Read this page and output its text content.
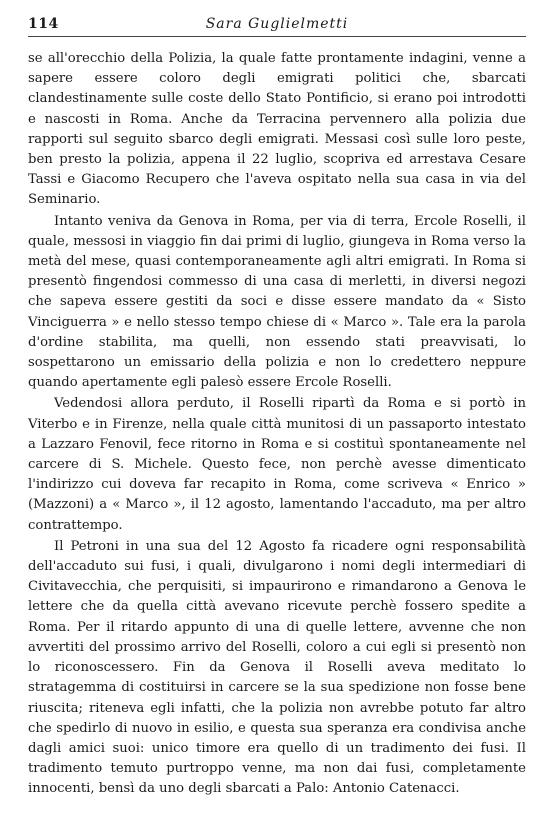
114	Sara Guglielmetti

se all'orecchio della Polizia, la quale fatte prontamente indagini, venne a sapere essere coloro degli emigrati politici che, sbarcati clandestinamente sulle coste dello Stato Pontificio, si erano poi introdotti e nascosti in Roma. Anche da Terracina pervennero alla polizia due rapporti sul seguito sbarco degli emigrati. Messasi così sulle loro peste, ben presto la polizia, appena il 22 luglio, scopriva ed arrestava Cesare Tassi e Giacomo Recupero che l'aveva ospitato nella sua casa in via del Seminario.

Intanto veniva da Genova in Roma, per via di terra, Ercole Roselli, il quale, messosi in viaggio fin dai primi di luglio, giungeva in Roma verso la metà del mese, quasi contemporaneamente agli altri emigrati. In Roma si presentò fingendosi commesso di una casa di merletti, in diversi negozi che sapeva essere gestiti da soci e disse essere mandato da « Sisto Vinciguerra » e nello stesso tempo chiese di « Marco ». Tale era la parola d'ordine stabilita, ma quelli, non essendo stati preavvisati, lo sospettarono un emissario della polizia e non lo credettero neppure quando apertamente egli palesò essere Ercole Roselli.

Vedendosi allora perduto, il Roselli ripartì da Roma e si portò in Viterbo e in Firenze, nella quale città munitosi di un passaporto intestato a Lazzaro Fenovil, fece ritorno in Roma e si costituì spontaneamente nel carcere di S. Michele. Questo fece, non perchè avesse dimenticato l'indirizzo cui doveva far recapito in Roma, come scriveva « Enrico » (Mazzoni) a « Marco », il 12 agosto, lamentando l'accaduto, ma per altro contrattempo.

Il Petroni in una sua del 12 Agosto fa ricadere ogni responsabilità dell'accaduto sui fusi, i quali, divulgarono i nomi degli intermediari di Civitavecchia, che perquisiti, si impaurirono e rimandarono a Genova le lettere che da quella città avevano ricevute perchè fossero spedite a Roma. Per il ritardo appunto di una di quelle lettere, avvenne che non avvertiti del prossimo arrivo del Roselli, coloro a cui egli si presentò non lo riconoscessero. Fin da Genova il Roselli aveva meditato lo stratagemma di costituirsi in carcere se la sua spedizione non fosse bene riuscita; riteneva egli infatti, che la polizia non avrebbe potuto far altro che spedirlo di nuovo in esilio, e questa sua speranza era condivisa anche dagli amici suoi: unico timore era quello di un tradimento dei fusi. Il tradimento temuto purtroppo venne, ma non dai fusi, completamente innocenti, bensì da uno degli sbarcati a Palo: Antonio Catenacci.
